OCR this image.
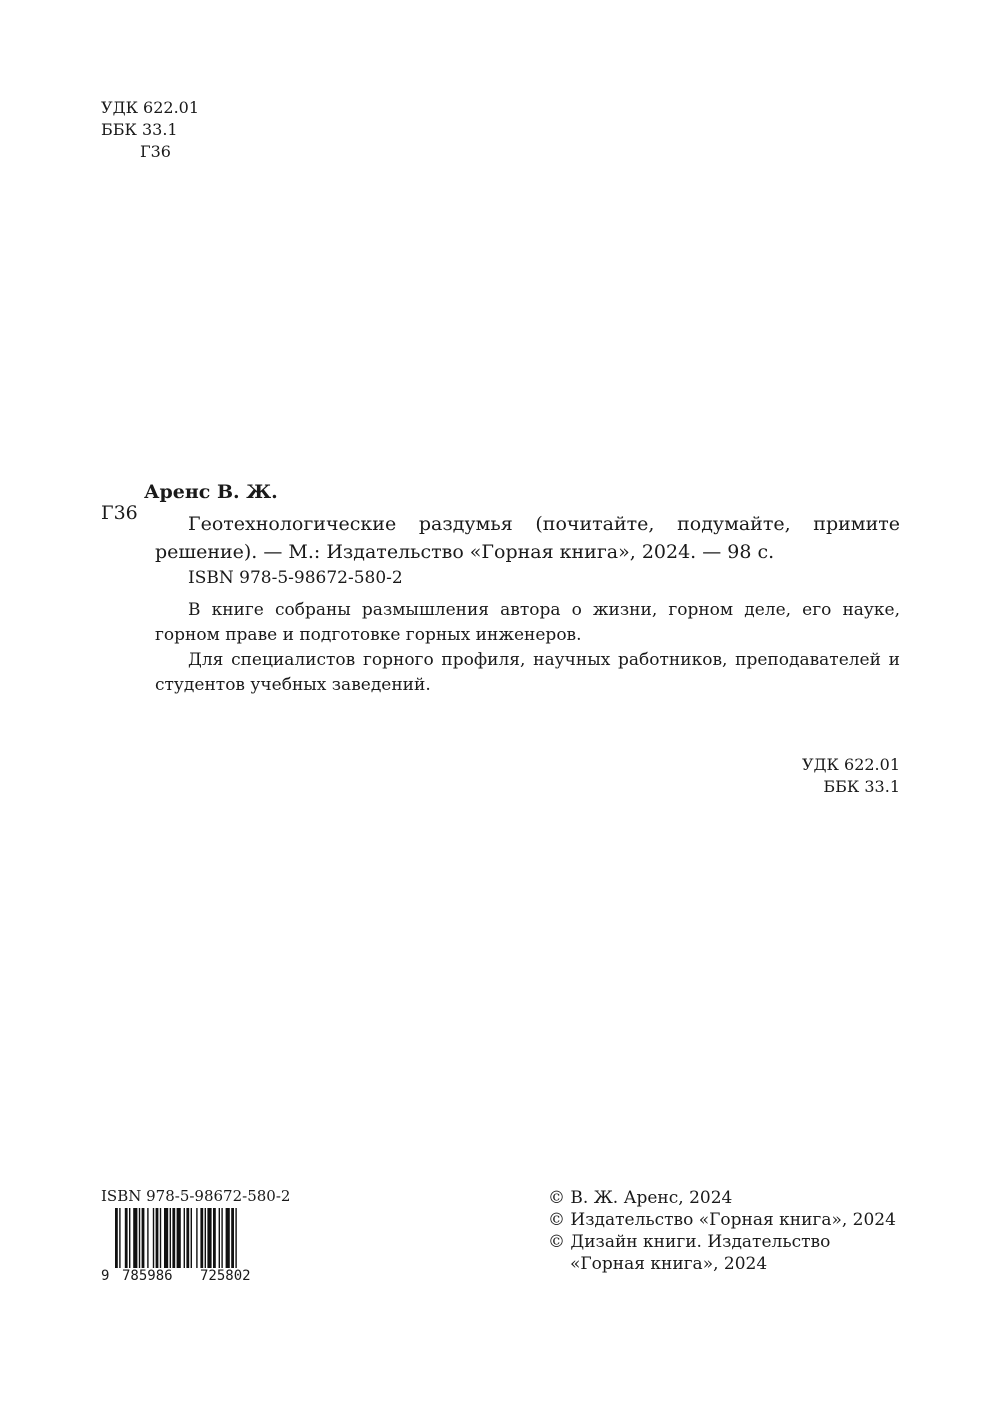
УДК 622.01
ББК 33.1
Г36
Аренс В. Ж.
Г36	Геотехнологические раздумья (почитайте, подумайте, примите решение). — М.: Издательство «Горная книга», 2024. — 98 с.
ISBN 978-5-98672-580-2

В книге собраны размышления автора о жизни, горном деле, его науке, горном праве и подготовке горных инженеров.

Для специалистов горного профиля, научных работников, преподавателей и студентов учебных заведений.

УДК 622.01
ББК 33.1
ISBN 978-5-98672-580-2
9 785986 725802
© В. Ж. Аренс, 2024
© Издательство «Горная книга», 2024
© Дизайн книги. Издательство «Горная книга», 2024
